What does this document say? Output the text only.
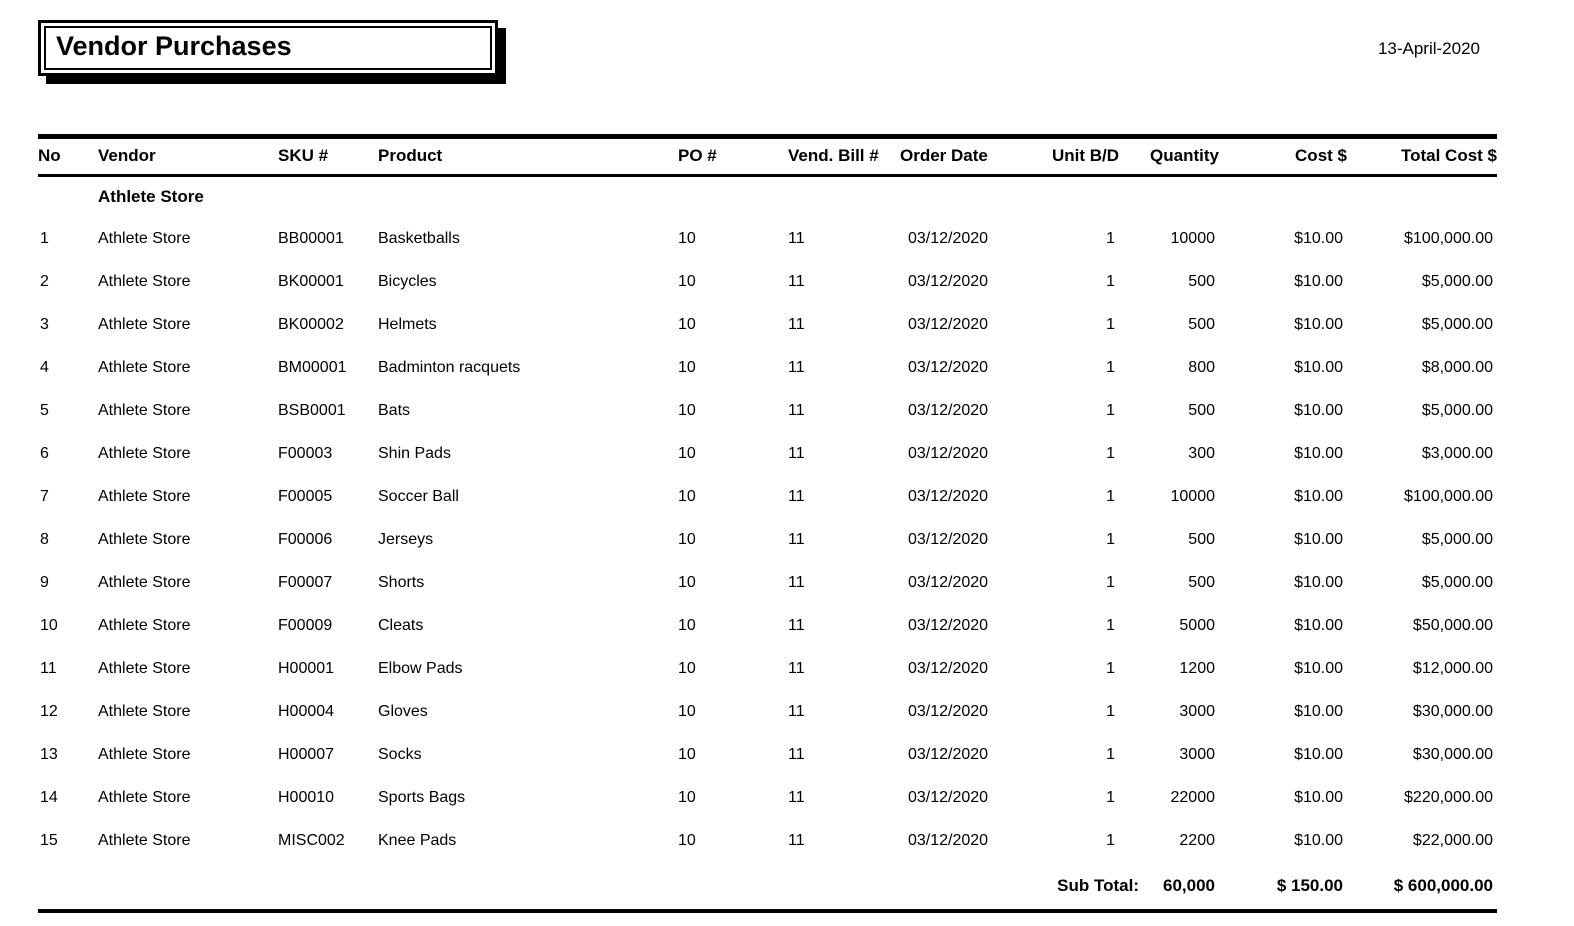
Vendor Purchases	13-April-2020
No	Vendor	SKU #	Product	PO #	Vend. Bill #	Order Date	Unit B/D	Quantity	Cost $	Total Cost $
	Athlete Store									
1	Athlete Store	BB00001	Basketballs	10	11	03/12/2020	1	10000	$10.00	$100,000.00
2	Athlete Store	BK00001	Bicycles	10	11	03/12/2020	1	500	$10.00	$5,000.00
3	Athlete Store	BK00002	Helmets	10	11	03/12/2020	1	500	$10.00	$5,000.00
4	Athlete Store	BM00001	Badminton racquets	10	11	03/12/2020	1	800	$10.00	$8,000.00
5	Athlete Store	BSB0001	Bats	10	11	03/12/2020	1	500	$10.00	$5,000.00
6	Athlete Store	F00003	Shin Pads	10	11	03/12/2020	1	300	$10.00	$3,000.00
7	Athlete Store	F00005	Soccer Ball	10	11	03/12/2020	1	10000	$10.00	$100,000.00
8	Athlete Store	F00006	Jerseys	10	11	03/12/2020	1	500	$10.00	$5,000.00
9	Athlete Store	F00007	Shorts	10	11	03/12/2020	1	500	$10.00	$5,000.00
10	Athlete Store	F00009	Cleats	10	11	03/12/2020	1	5000	$10.00	$50,000.00
11	Athlete Store	H00001	Elbow Pads	10	11	03/12/2020	1	1200	$10.00	$12,000.00
12	Athlete Store	H00004	Gloves	10	11	03/12/2020	1	3000	$10.00	$30,000.00
13	Athlete Store	H00007	Socks	10	11	03/12/2020	1	3000	$10.00	$30,000.00
14	Athlete Store	H00010	Sports Bags	10	11	03/12/2020	1	22000	$10.00	$220,000.00
15	Athlete Store	MISC002	Knee Pads	10	11	03/12/2020	1	2200	$10.00	$22,000.00
Sub Total:								60,000	$ 150.00	$ 600,000.00
